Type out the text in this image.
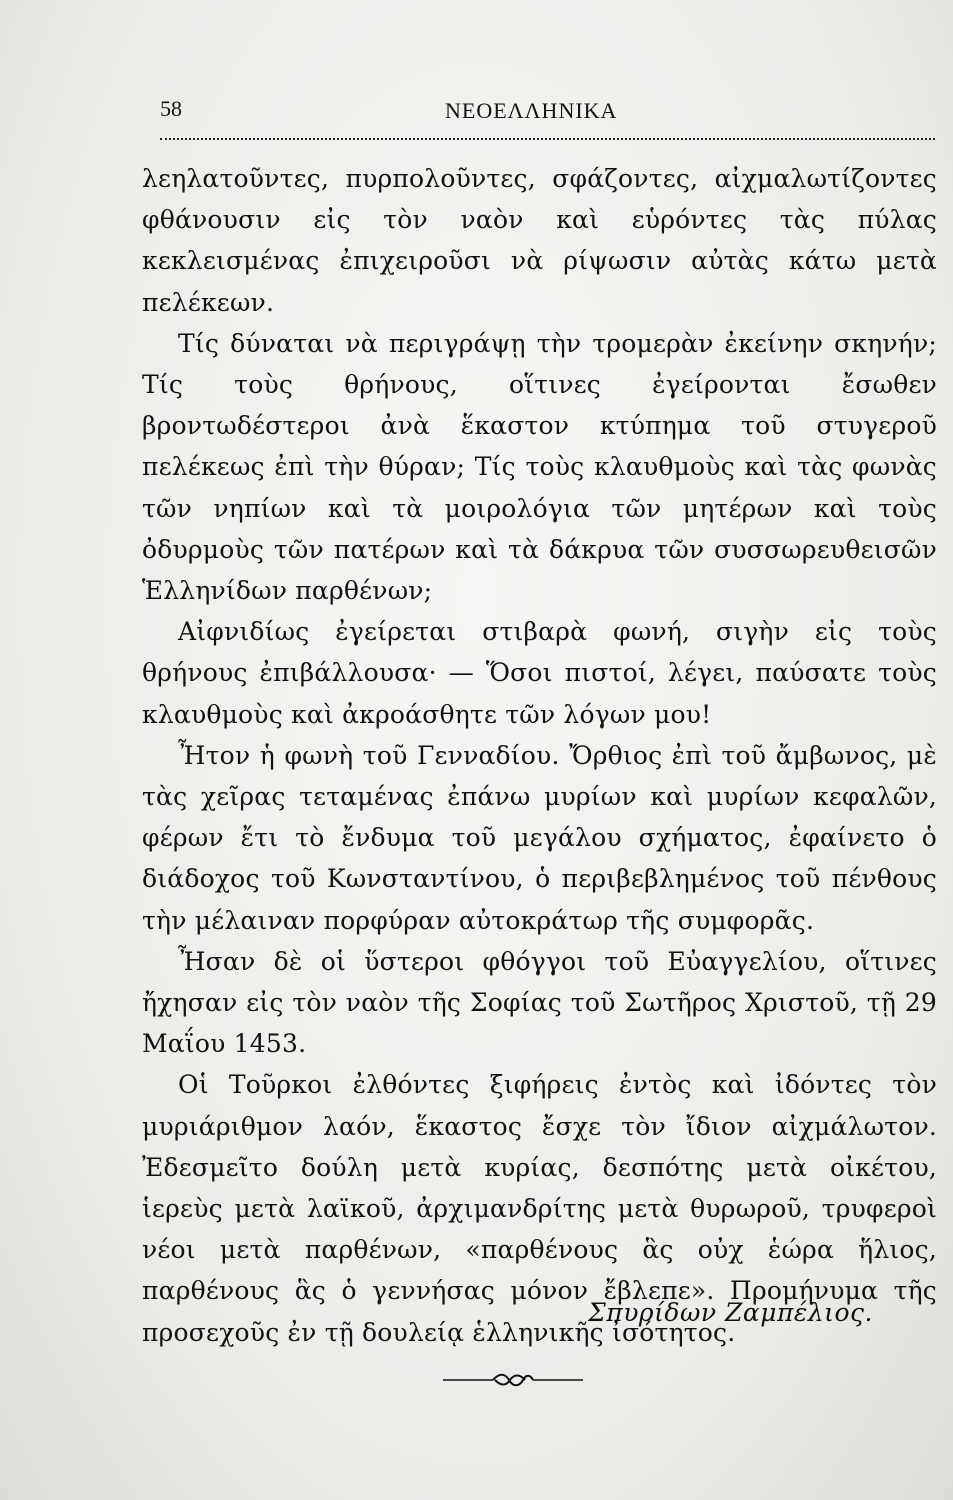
58	ΝΕΟΕΛΛΗΝΙΚΑ

λεηλατοῦντες, πυρπολοῦντες, σφάζοντες, αἰχμαλωτίζοντες φθάνουσιν εἰς τὸν ναὸν καὶ εὑρόντες τὰς πύλας κεκλεισμένας ἐπιχειροῦσι νὰ ρίψωσιν αὐτὰς κάτω μετὰ πελέκεων.

Τίς δύναται νὰ περιγράψῃ τὴν τρομερὰν ἐκείνην σκηνήν; Τίς τοὺς θρήνους, οἵτινες ἐγείρονται ἔσωθεν βροντωδέστεροι ἀνὰ ἕκαστον κτύπημα τοῦ στυγεροῦ πελέκεως ἐπὶ τὴν θύραν; Τίς τοὺς κλαυθμοὺς καὶ τὰς φωνὰς τῶν νηπίων καὶ τὰ μοιρολόγια τῶν μητέρων καὶ τοὺς ὀδυρμοὺς τῶν πατέρων καὶ τὰ δάκρυα τῶν συσσωρευθεισῶν Ἑλληνίδων παρθένων;

Αἰφνιδίως ἐγείρεται στιβαρὰ φωνή, σιγὴν εἰς τοὺς θρήνους ἐπιβάλλουσα· — Ὅσοι πιστοί, λέγει, παύσατε τοὺς κλαυθμοὺς καὶ ἀκροάσθητε τῶν λόγων μου!

Ἦτον ἡ φωνὴ τοῦ Γενναδίου. Ὄρθιος ἐπὶ τοῦ ἄμβωνος, μὲ τὰς χεῖρας τεταμένας ἐπάνω μυρίων καὶ μυρίων κεφαλῶν, φέρων ἔτι τὸ ἔνδυμα τοῦ μεγάλου σχήματος, ἐφαίνετο ὁ διάδοχος τοῦ Κωνσταντίνου, ὁ περιβεβλημένος τοῦ πένθους τὴν μέλαιναν πορφύραν αὐτοκράτωρ τῆς συμφορᾶς.

Ἦσαν δὲ οἱ ὕστεροι φθόγγοι τοῦ Εὐαγγελίου, οἵτινες ἤχησαν εἰς τὸν ναὸν τῆς Σοφίας τοῦ Σωτῆρος Χριστοῦ, τῇ 29 Μαΐου 1453.

Οἱ Τοῦρκοι ἐλθόντες ξιφήρεις ἐντὸς καὶ ἰδόντες τὸν μυριάριθμον λαόν, ἕκαστος ἔσχε τὸν ἴδιον αἰχμάλωτον. Ἐδεσμεῖτο δούλη μετὰ κυρίας, δεσπότης μετὰ οἰκέτου, ἱερεὺς μετὰ λαϊκοῦ, ἀρχιμανδρίτης μετὰ θυρωροῦ, τρυφεροὶ νέοι μετὰ παρθένων, «παρθένους ἃς οὐχ ἑώρα ἥλιος, παρθένους ἃς ὁ γεννήσας μόνον ἔβλεπε». Προμήνυμα τῆς προσεχοῦς ἐν τῇ δουλείᾳ ἑλληνικῆς ἰσότητος.

Σπυρίδων Ζαμπέλιος.
